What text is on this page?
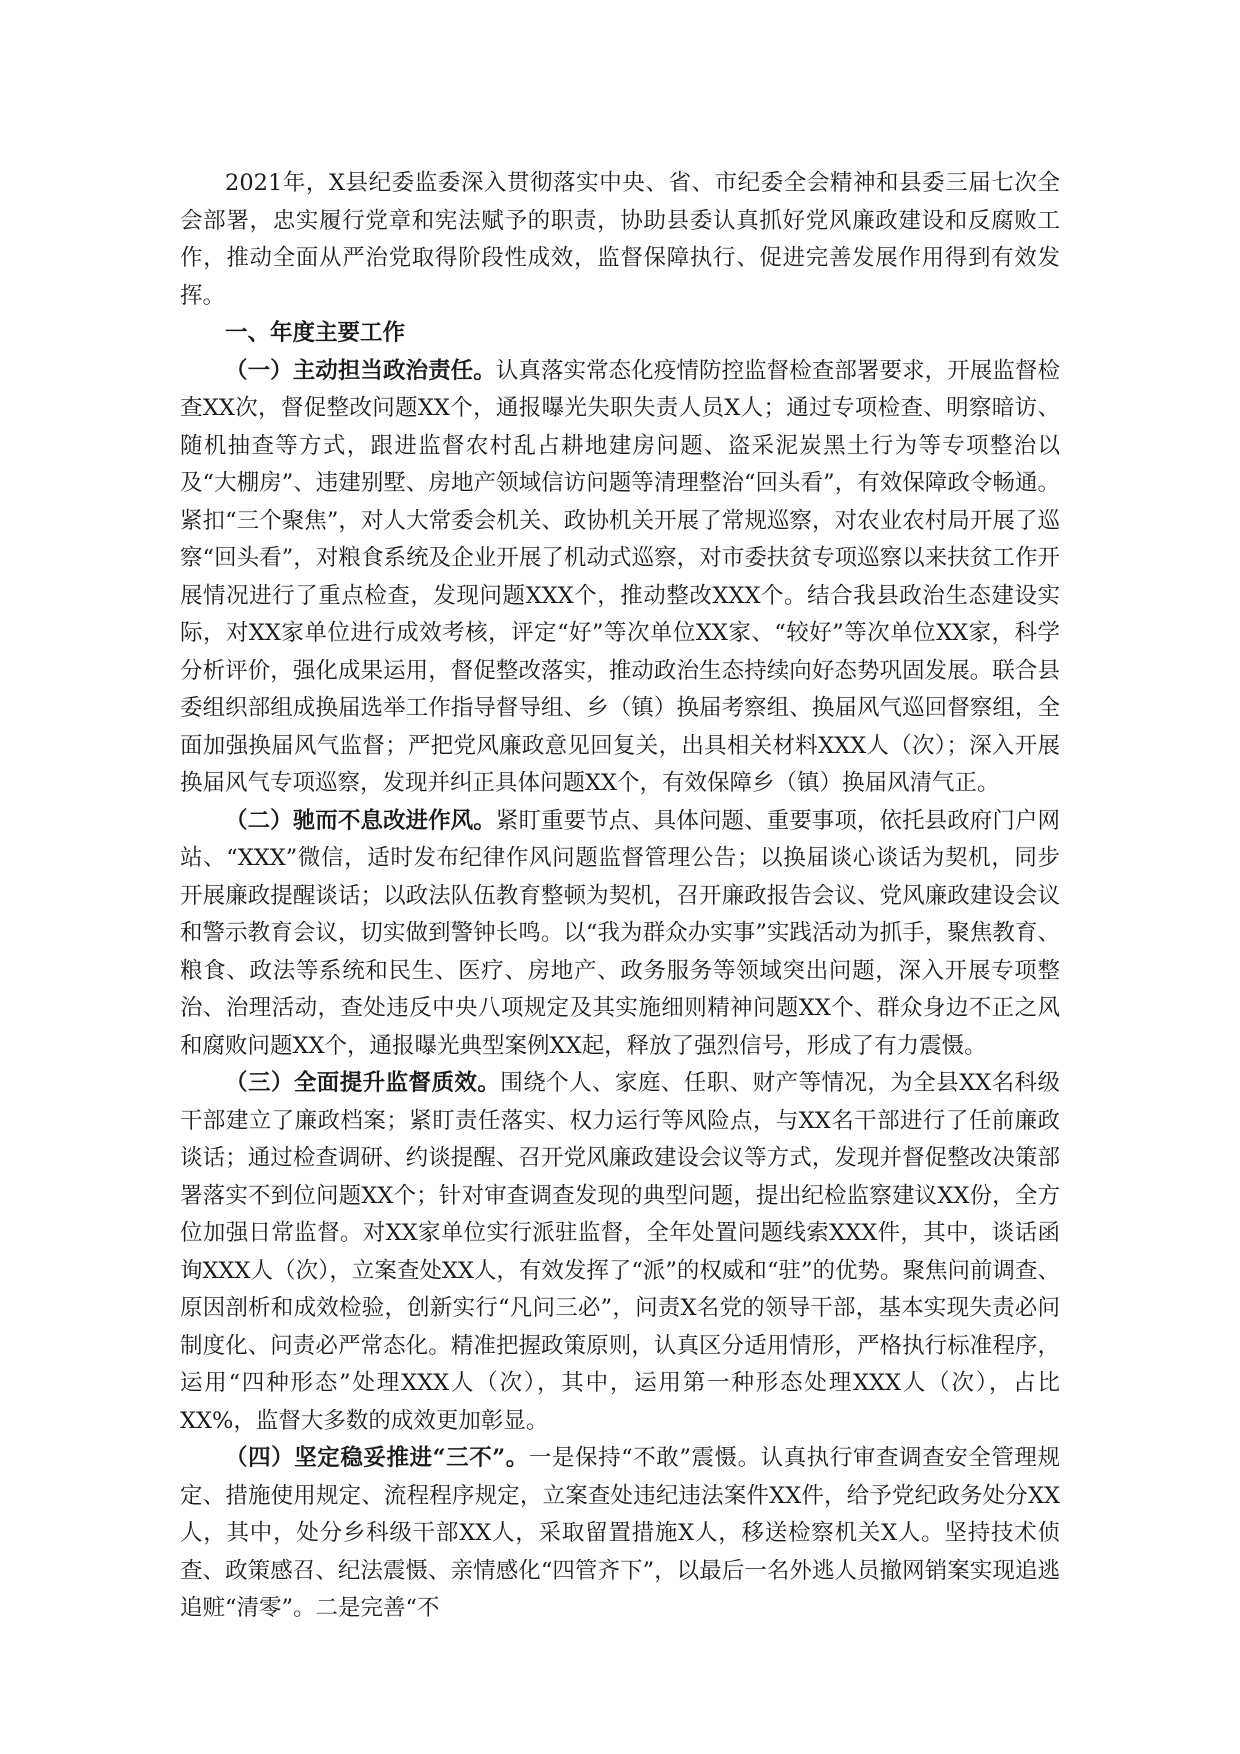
2021年，X县纪委监委深入贯彻落实中央、省、市纪委全会精神和县委三届七次全会部署，忠实履行党章和宪法赋予的职责，协助县委认真抓好党风廉政建设和反腐败工作，推动全面从严治党取得阶段性成效，监督保障执行、促进完善发展作用得到有效发挥。

一、年度主要工作

（一）主动担当政治责任。认真落实常态化疫情防控监督检查部署要求，开展监督检查XX次，督促整改问题XX个，通报曝光失职失责人员X人；通过专项检查、明察暗访、随机抽查等方式，跟进监督农村乱占耕地建房问题、盗采泥炭黑土行为等专项整治以及“大棚房”、违建别墅、房地产领域信访问题等清理整治“回头看”，有效保障政令畅通。紧扣“三个聚焦”，对人大常委会机关、政协机关开展了常规巡察，对农业农村局开展了巡察“回头看”，对粮食系统及企业开展了机动式巡察，对市委扶贫专项巡察以来扶贫工作开展情况进行了重点检查，发现问题XXX个，推动整改XXX个。结合我县政治生态建设实际，对XX家单位进行成效考核，评定“好”等次单位XX家、“较好”等次单位XX家，科学分析评价，强化成果运用，督促整改落实，推动政治生态持续向好态势巩固发展。联合县委组织部组成换届选举工作指导督导组、乡（镇）换届考察组、换届风气巡回督察组，全面加强换届风气监督；严把党风廉政意见回复关，出具相关材料XXX人（次）；深入开展换届风气专项巡察，发现并纠正具体问题XX个，有效保障乡（镇）换届风清气正。

（二）驰而不息改进作风。紧盯重要节点、具体问题、重要事项，依托县政府门户网站、“XXX”微信，适时发布纪律作风问题监督管理公告；以换届谈心谈话为契机，同步开展廉政提醒谈话；以政法队伍教育整顿为契机，召开廉政报告会议、党风廉政建设会议和警示教育会议，切实做到警钟长鸣。以“我为群众办实事”实践活动为抓手，聚焦教育、粮食、政法等系统和民生、医疗、房地产、政务服务等领域突出问题，深入开展专项整治、治理活动，查处违反中央八项规定及其实施细则精神问题XX个、群众身边不正之风和腐败问题XX个，通报曝光典型案例XX起，释放了强烈信号，形成了有力震慑。

（三）全面提升监督质效。围绕个人、家庭、任职、财产等情况，为全县XX名科级干部建立了廉政档案；紧盯责任落实、权力运行等风险点，与XX名干部进行了任前廉政谈话；通过检查调研、约谈提醒、召开党风廉政建设会议等方式，发现并督促整改决策部署落实不到位问题XX个；针对审查调查发现的典型问题，提出纪检监察建议XX份，全方位加强日常监督。对XX家单位实行派驻监督，全年处置问题线索XXX件，其中，谈话函询XXX人（次），立案查处XX人，有效发挥了“派”的权威和“驻”的优势。聚焦问前调查、原因剖析和成效检验，创新实行“凡问三必”，问责X名党的领导干部，基本实现失责必问制度化、问责必严常态化。精准把握政策原则，认真区分适用情形，严格执行标准程序，运用“四种形态”处理XXX人（次），其中，运用第一种形态处理XXX人（次），占比XX%，监督大多数的成效更加彰显。

（四）坚定稳妥推进“三不”。一是保持“不敢”震慑。认真执行审查调查安全管理规定、措施使用规定、流程程序规定，立案查处违纪违法案件XX件，给予党纪政务处分XX人，其中，处分乡科级干部XX人，采取留置措施X人，移送检察机关X人。坚持技术侦查、政策感召、纪法震慑、亲情感化“四管齐下”，以最后一名外逃人员撤网销案实现追逃追赃“清零”。二是完善“不
